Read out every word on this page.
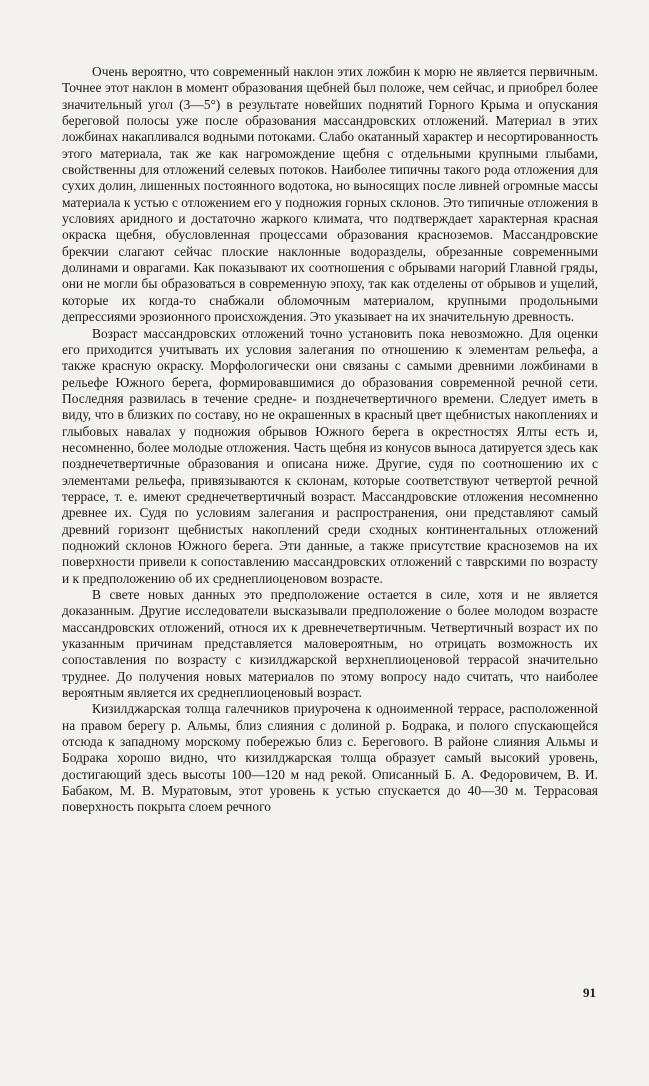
Очень вероятно, что современный наклон этих ложбин к морю не является первичным. Точнее этот наклон в момент образования щебней был положе, чем сейчас, и приобрел более значительный угол (3—5°) в результате новейших поднятий Горного Крыма и опускания береговой полосы уже после образования массандровских отложений. Материал в этих ложбинах накапливался водными потоками. Слабо окатанный характер и несортированность этого материала, так же как нагромождение щебня с отдельными крупными глыбами, свойственны для отложений селевых потоков. Наиболее типичны такого рода отложения для сухих долин, лишенных постоянного водотока, но выносящих после ливней огромные массы материала к устью с отложением его у подножия горных склонов. Это типичные отложения в условиях аридного и достаточно жаркого климата, что подтверждает характерная красная окраска щебня, обусловленная процессами образования красноземов. Массандровские брекчии слагают сейчас плоские наклонные водоразделы, обрезанные современными долинами и оврагами. Как показывают их соотношения с обрывами нагорий Главной гряды, они не могли бы образоваться в современную эпоху, так как отделены от обрывов и ущелий, которые их когда-то снабжали обломочным материалом, крупными продольными депрессиями эрозионного происхождения. Это указывает на их значительную древность.

Возраст массандровских отложений точно установить пока невозможно. Для оценки его приходится учитывать их условия залегания по отношению к элементам рельефа, а также красную окраску. Морфологически они связаны с самыми древними ложбинами в рельефе Южного берега, формировавшимися до образования современной речной сети. Последняя развилась в течение средне- и позднечетвертичного времени. Следует иметь в виду, что в близких по составу, но не окрашенных в красный цвет щебнистых накоплениях и глыбовых навалах у подножия обрывов Южного берега в окрестностях Ялты есть и, несомненно, более молодые отложения. Часть щебня из конусов выноса датируется здесь как позднечетвертичные образования и описана ниже. Другие, судя по соотношению их с элементами рельефа, привязываются к склонам, которые соответствуют четвертой речной террасе, т. е. имеют среднечетвертичный возраст. Массандровские отложения несомненно древнее их. Судя по условиям залегания и распространения, они представляют самый древний горизонт щебнистых накоплений среди сходных континентальных отложений подножий склонов Южного берега. Эти данные, а также присутствие красноземов на их поверхности привели к сопоставлению массандровских отложений с таврскими по возрасту и к предположению об их среднеплиоценовом возрасте.

В свете новых данных это предположение остается в силе, хотя и не является доказанным. Другие исследователи высказывали предположение о более молодом возрасте массандровских отложений, относя их к древнечетвертичным. Четвертичный возраст их по указанным причинам представляется маловероятным, но отрицать возможность их сопоставления по возрасту с кизилджарской верхнеплиоценовой террасой значительно труднее. До получения новых материалов по этому вопросу надо считать, что наиболее вероятным является их среднеплиоценовый возраст.

Кизилджарская толща галечников приурочена к одноименной террасе, расположенной на правом берегу р. Альмы, близ слияния с долиной р. Бодрака, и полого спускающейся отсюда к западному морскому побережью близ с. Берегового. В районе слияния Альмы и Бодрака хорошо видно, что кизилджарская толща образует самый высокий уровень, достигающий здесь высоты 100—120 м над рекой. Описанный Б. А. Федоровичем, В. И. Бабаком, М. В. Муратовым, этот уровень к устью спускается до 40—30 м. Террасовая поверхность покрыта слоем речного

91
